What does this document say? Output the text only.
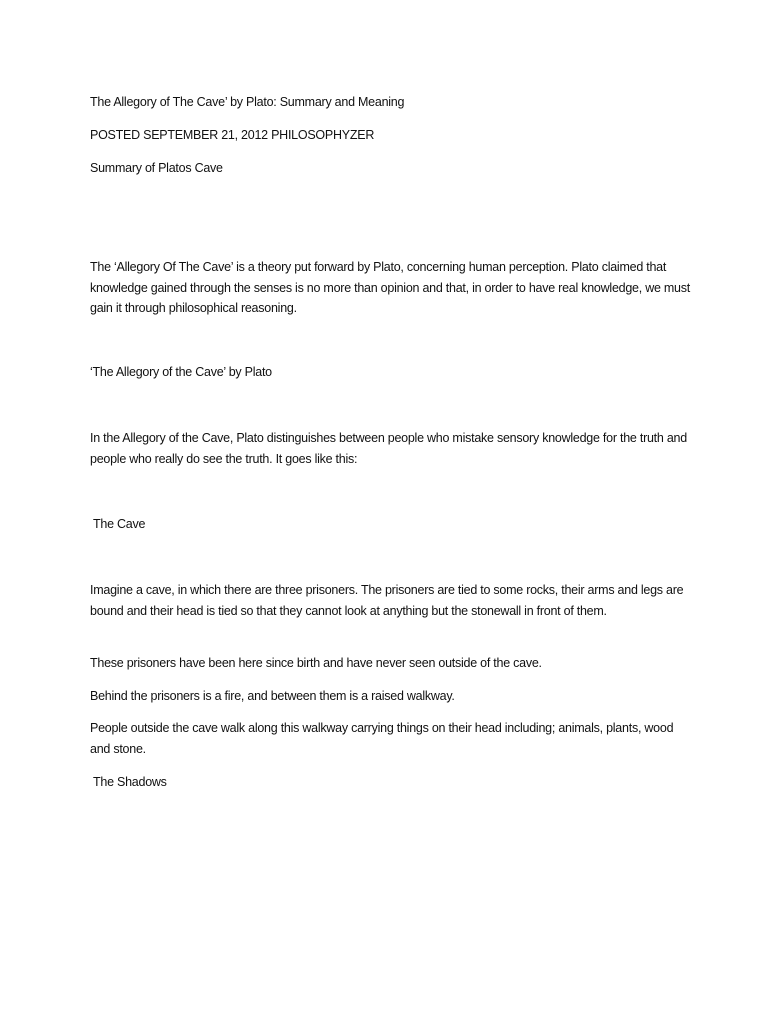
The Allegory of The Cave’ by Plato: Summary and Meaning

POSTED SEPTEMBER 21, 2012 PHILOSOPHYZER

Summary of Platos Cave

The ‘Allegory Of The Cave’ is a theory put forward by Plato, concerning human perception. Plato claimed that knowledge gained through the senses is no more than opinion and that, in order to have real knowledge, we must gain it through philosophical reasoning.

‘The Allegory of the Cave’ by Plato

In the Allegory of the Cave, Plato distinguishes between people who mistake sensory knowledge for the truth and people who really do see the truth. It goes like this:

The Cave

Imagine a cave, in which there are three prisoners. The prisoners are tied to some rocks, their arms and legs are bound and their head is tied so that they cannot look at anything but the stonewall in front of them.

These prisoners have been here since birth and have never seen outside of the cave.

Behind the prisoners is a fire, and between them is a raised walkway.

People outside the cave walk along this walkway carrying things on their head including; animals, plants, wood and stone.

The Shadows
